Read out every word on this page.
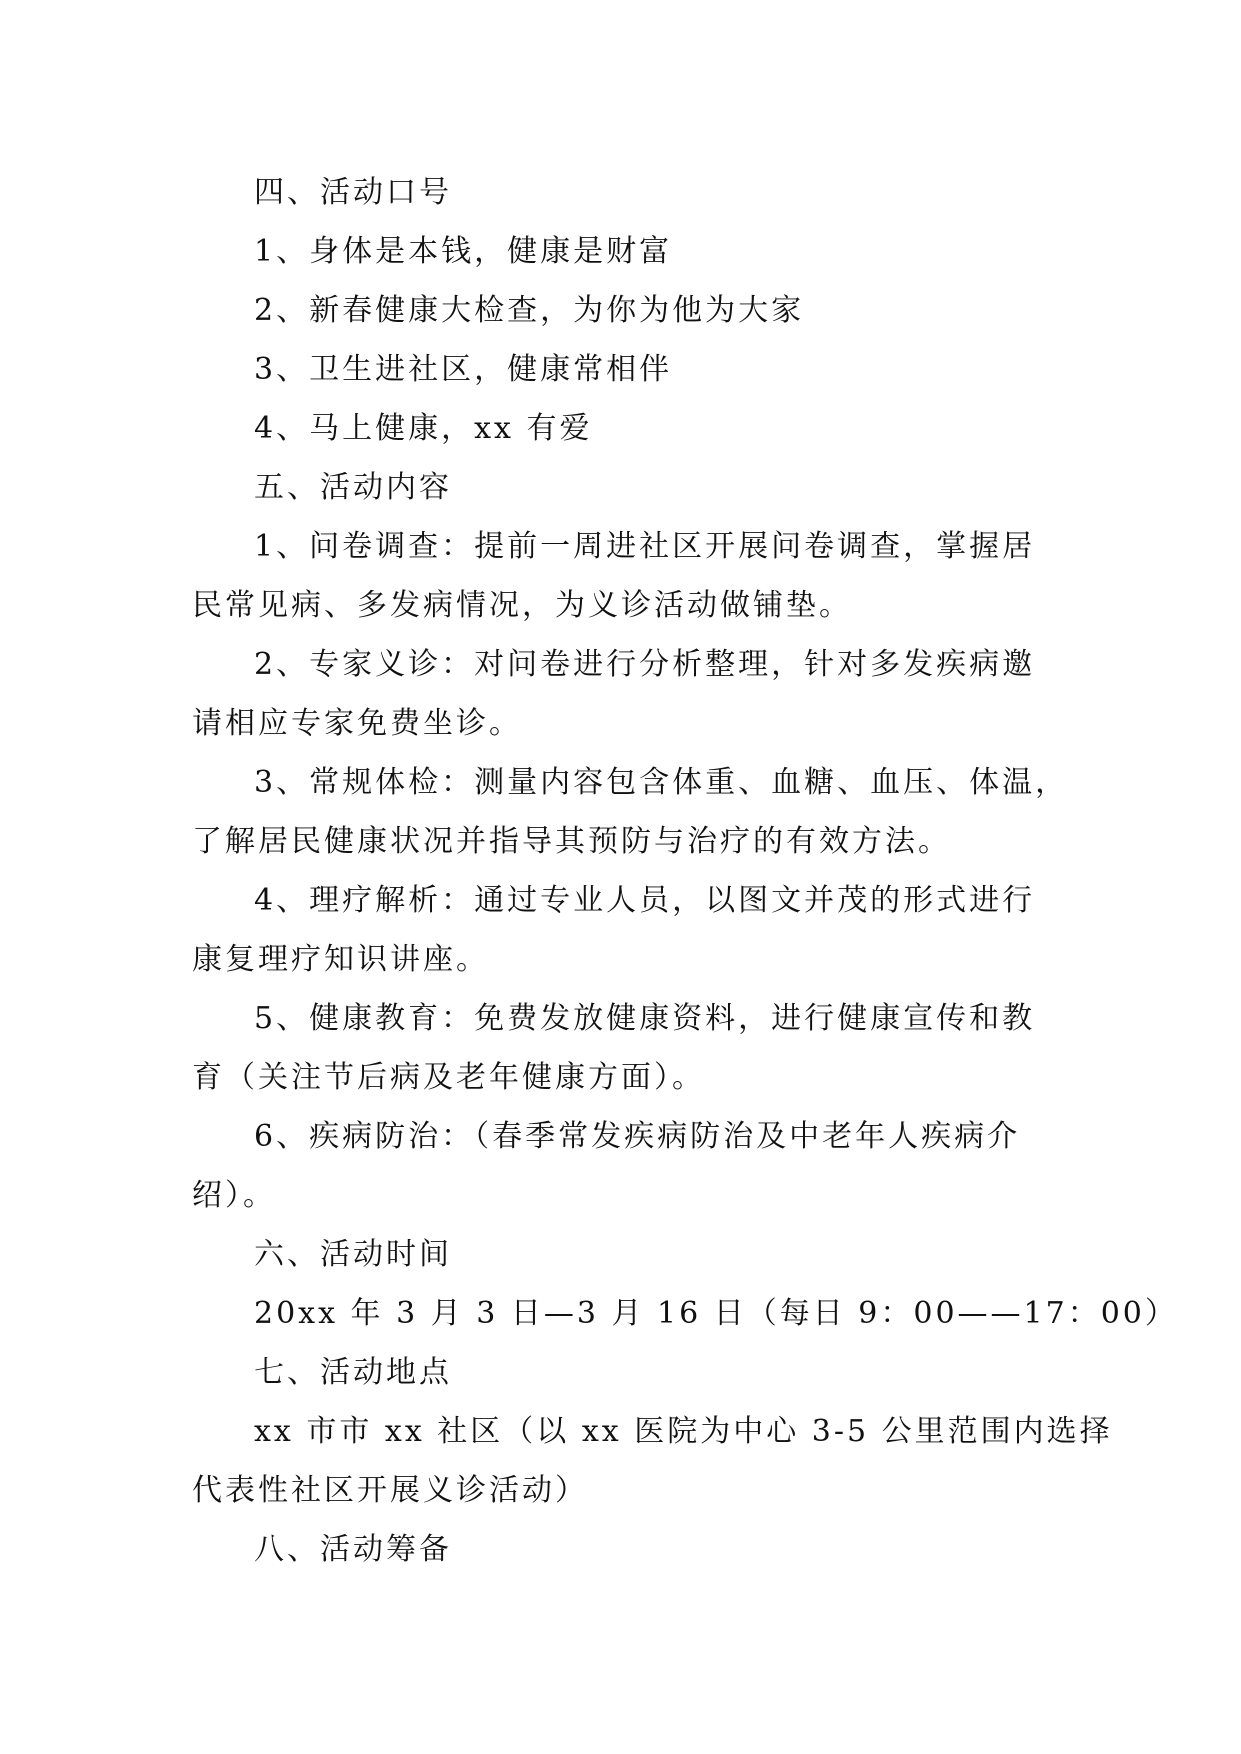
四、活动口号
1、身体是本钱，健康是财富
2、新春健康大检查，为你为他为大家
3、卫生进社区，健康常相伴
4、马上健康，xx 有爱
五、活动内容
1、问卷调查：提前一周进社区开展问卷调查，掌握居
民常见病、多发病情况，为义诊活动做铺垫。
2、专家义诊：对问卷进行分析整理，针对多发疾病邀
请相应专家免费坐诊。
3、常规体检：测量内容包含体重、血糖、血压、体温，
了解居民健康状况并指导其预防与治疗的有效方法。
4、理疗解析：通过专业人员，以图文并茂的形式进行
康复理疗知识讲座。
5、健康教育：免费发放健康资料，进行健康宣传和教
育（关注节后病及老年健康方面）。
6、疾病防治：（春季常发疾病防治及中老年人疾病介
绍）。
六、活动时间
20xx 年 3 月 3 日—3 月 16 日（每日 9：00——17：00）
七、活动地点
xx 市市 xx 社区（以 xx 医院为中心 3-5 公里范围内选择
代表性社区开展义诊活动）
八、活动筹备
